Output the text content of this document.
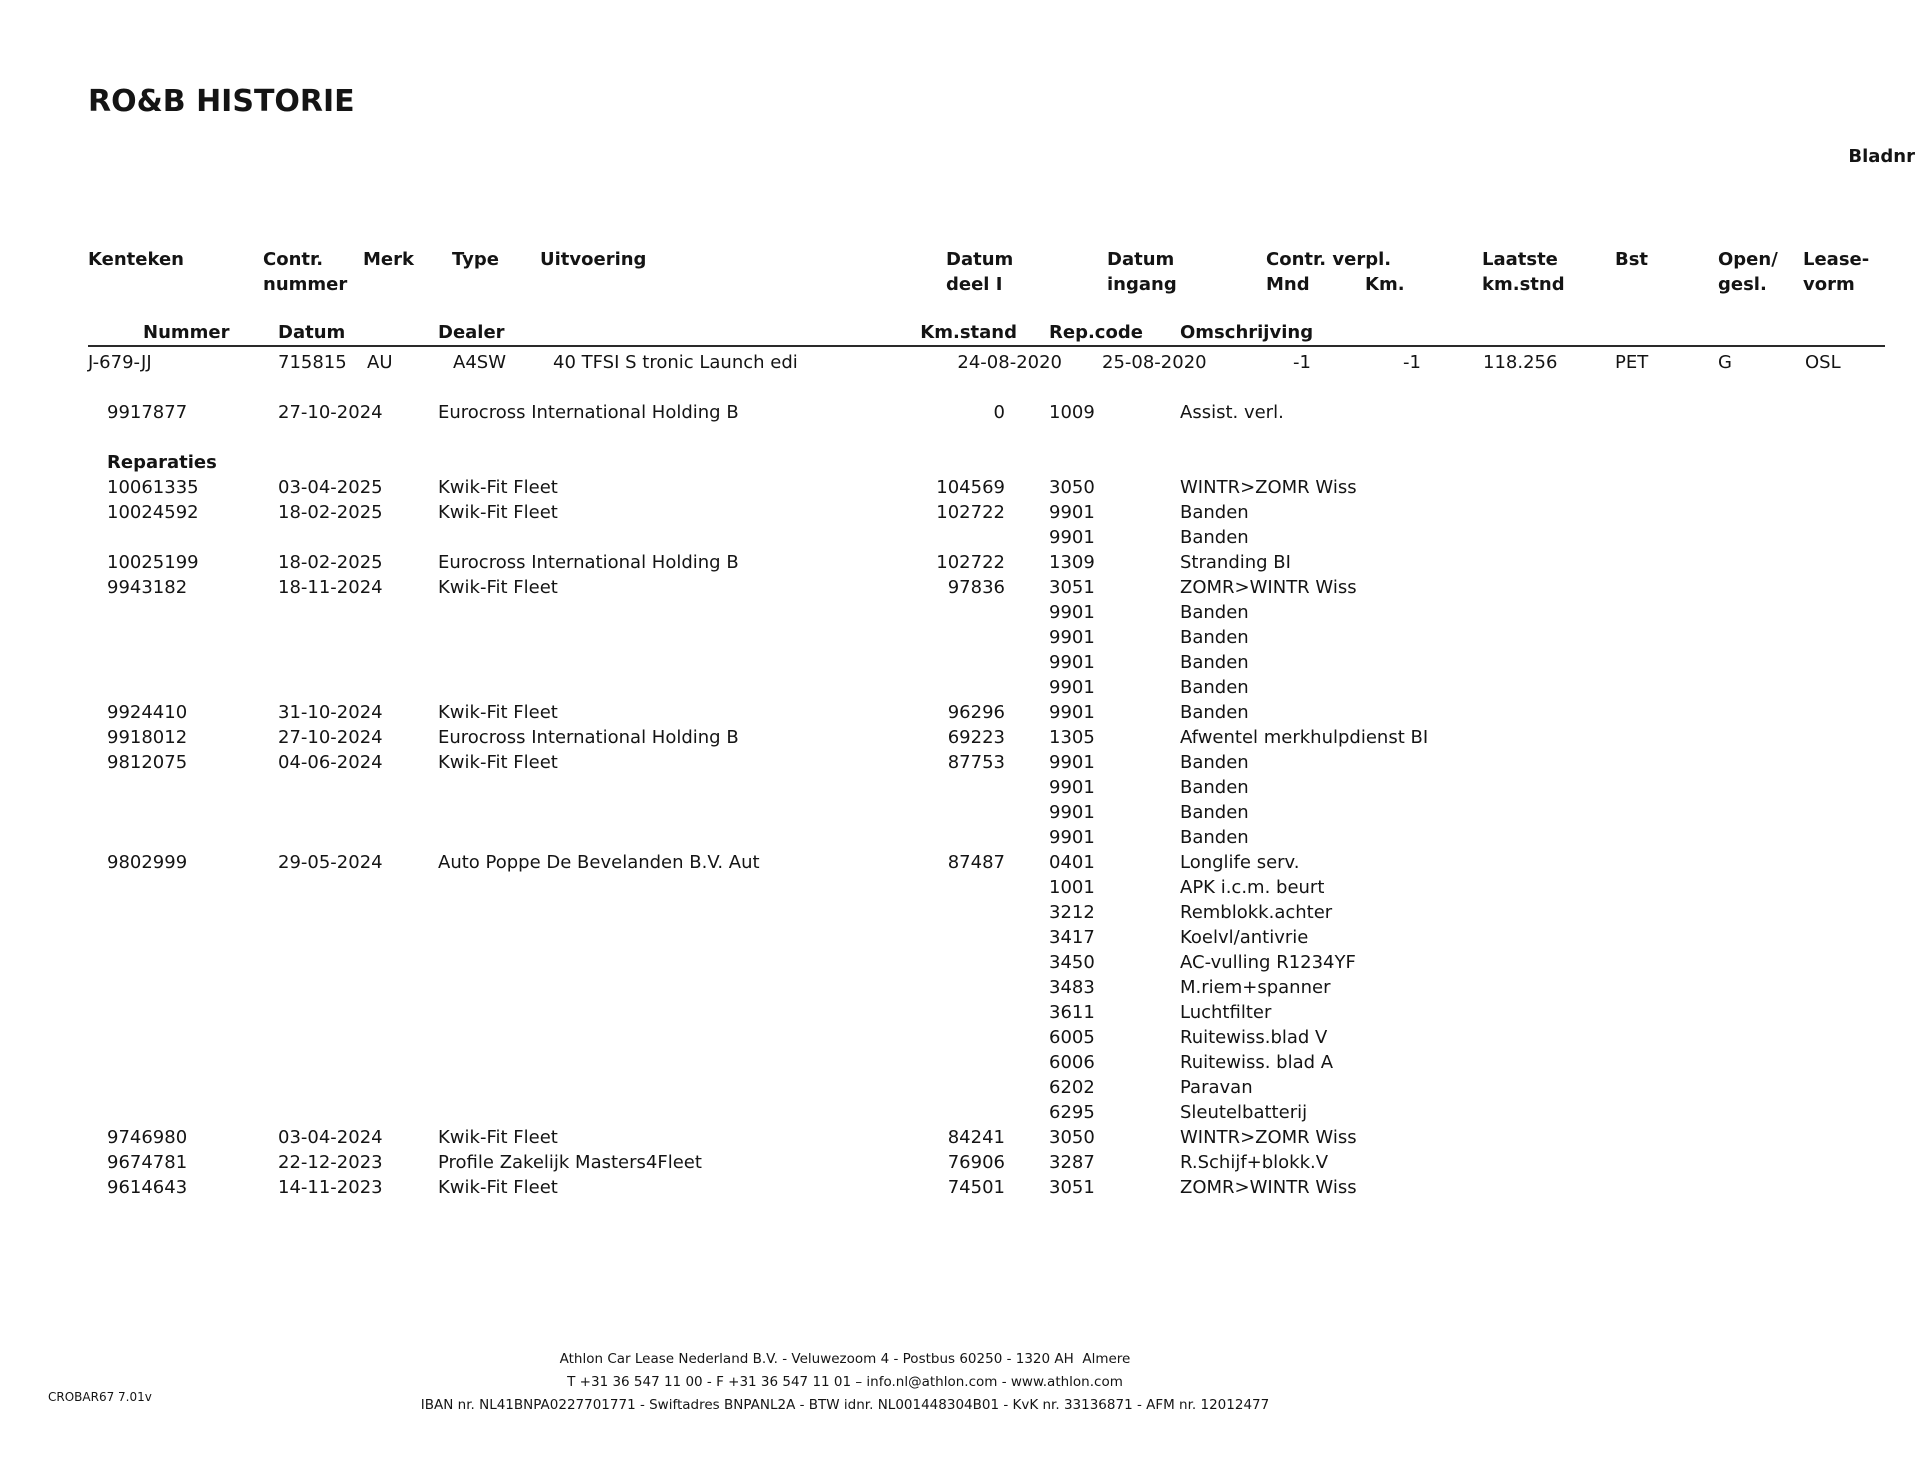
RO&B HISTORIE
Bladnr
Kenteken	Contr. Merk Type Uitvoering	Datum	Datum	Contr. verpl.	Laatste	Bst	Open/ Lease-
nummer	deel I	ingang	Mnd	Km.	km.stnd	gesl. vorm
Nummer	Datum	Dealer	Km.stand Rep.code Omschrijving
J-679-JJ	715815 AU	A4SW	40 TFSI S tronic Launch edi	24-08-2020 25-08-2020	-1	-1	118.256	PET	G	OSL
9917877	27-10-2024	Eurocross International Holding B	0 1009	Assist. verl.
Reparaties
10061335	03-04-2025	Kwik-Fit Fleet	104569 3050	WINTR>ZOMR Wiss
10024592	18-02-2025	Kwik-Fit Fleet	102722 9901	Banden
9901	Banden
10025199	18-02-2025	Eurocross International Holding B	102722 1309	Stranding BI
9943182	18-11-2024	Kwik-Fit Fleet	97836 3051	ZOMR>WINTR Wiss
9901	Banden
9901	Banden
9901	Banden
9901	Banden
9924410	31-10-2024	Kwik-Fit Fleet	96296 9901	Banden
9918012	27-10-2024	Eurocross International Holding B	69223 1305	Afwentel merkhulpdienst BI
9812075	04-06-2024	Kwik-Fit Fleet	87753 9901	Banden
9901	Banden
9901	Banden
9901	Banden
9802999	29-05-2024	Auto Poppe De Bevelanden B.V. Aut	87487 0401	Longlife serv.
1001	APK i.c.m. beurt
3212	Remblokk.achter
3417	Koelvl/antivrie
3450	AC-vulling R1234YF
3483	M.riem+spanner
3611	Luchtfilter
6005	Ruitewiss.blad V
6006	Ruitewiss. blad A
6202	Paravan
6295	Sleutelbatterij
9746980	03-04-2024	Kwik-Fit Fleet	84241 3050	WINTR>ZOMR Wiss
9674781	22-12-2023	Profile Zakelijk Masters4Fleet	76906 3287	R.Schijf+blokk.V
9614643	14-11-2023	Kwik-Fit Fleet	74501 3051	ZOMR>WINTR Wiss
Athlon Car Lease Nederland B.V. - Veluwezoom 4 - Postbus 60250 - 1320 AH  Almere
T +31 36 547 11 00 - F +31 36 547 11 01 – info.nl@athlon.com - www.athlon.com
IBAN nr. NL41BNPA0227701771 - Swiftadres BNPANL2A - BTW idnr. NL001448304B01 - KvK nr. 33136871 - AFM nr. 12012477
CROBAR67 7.01v
